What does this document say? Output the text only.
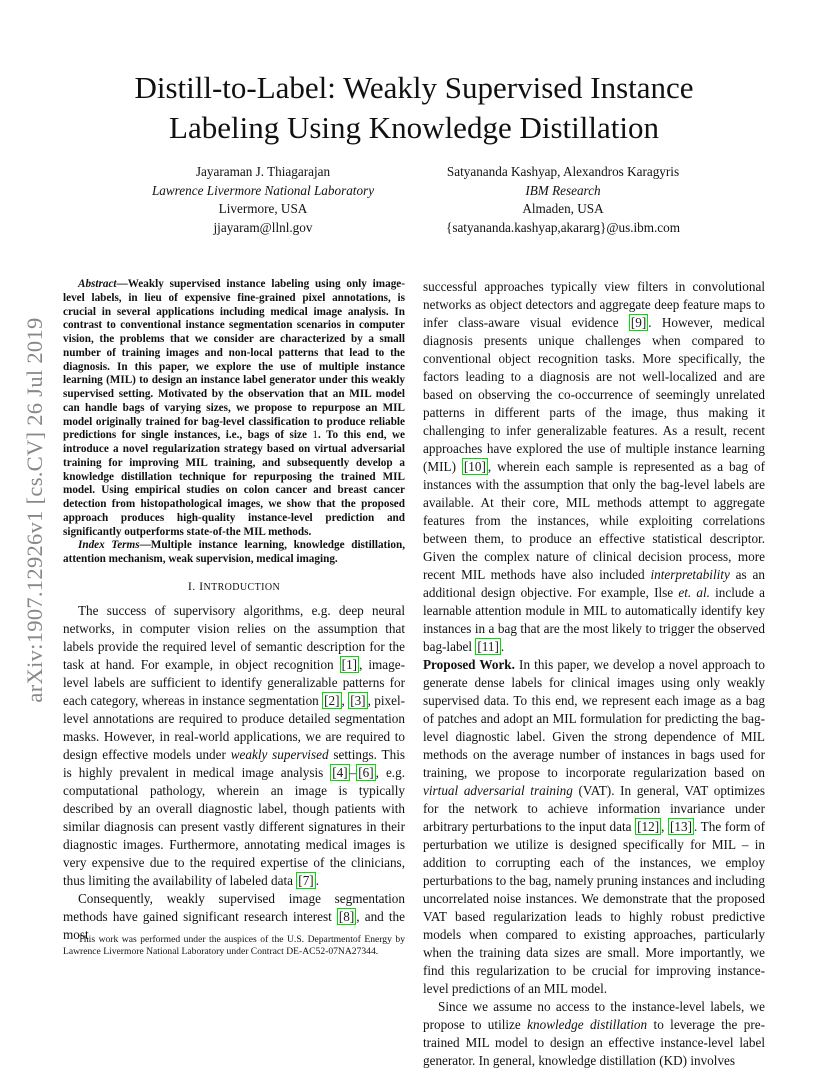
arXiv:1907.12926v1 [cs.CV] 26 Jul 2019
Distill-to-Label: Weakly Supervised Instance
Labeling Using Knowledge Distillation
Jayaraman J. Thiagarajan
Lawrence Livermore National Laboratory
Livermore, USA
jjayaram@llnl.gov
Satyananda Kashyap, Alexandros Karagyris
IBM Research
Almaden, USA
{satyananda.kashyap,akararg}@us.ibm.com

Abstract—Weakly supervised instance labeling using only image-level labels, in lieu of expensive fine-grained pixel annotations, is crucial in several applications including medical image analysis. In contrast to conventional instance segmentation scenarios in computer vision, the problems that we consider are characterized by a small number of training images and non-local patterns that lead to the diagnosis. In this paper, we explore the use of multiple instance learning (MIL) to design an instance label generator under this weakly supervised setting. Motivated by the observation that an MIL model can handle bags of varying sizes, we propose to repurpose an MIL model originally trained for bag-level classification to produce reliable predictions for single instances, i.e., bags of size 1. To this end, we introduce a novel regularization strategy based on virtual adversarial training for improving MIL training, and subsequently develop a knowledge distillation technique for repurposing the trained MIL model. Using empirical studies on colon cancer and breast cancer detection from histopathological images, we show that the proposed approach produces high-quality instance-level prediction and significantly outperforms state-of-the MIL methods.

Index Terms—Multiple instance learning, knowledge distillation, attention mechanism, weak supervision, medical imaging.

I. INTRODUCTION

The success of supervisory algorithms, e.g. deep neural networks, in computer vision relies on the assumption that labels provide the required level of semantic description for the task at hand. For example, in object recognition [1] , image-level labels are sufficient to identify generalizable patterns for each category, whereas in instance segmentation [2] , [3] , pixel-level annotations are required to produce detailed segmentation masks. However, in real-world applications, we are required to design effective models under weakly supervised settings. This is highly prevalent in medical image analysis [4] – [6] , e.g. computational pathology, wherein an image is typically described by an overall diagnostic label, though patients with similar diagnosis can present vastly different signatures in their diagnostic images. Furthermore, annotating medical images is very expensive due to the required expertise of the clinicians, thus limiting the availability of labeled data [7] .

Consequently, weakly supervised image segmentation methods have gained significant research interest [8] , and the most

This work was performed under the auspices of the U.S. Departmentof Energy by Lawrence Livermore National Laboratory under Contract DE-AC52-07NA27344.

successful approaches typically view filters in convolutional networks as object detectors and aggregate deep feature maps to infer class-aware visual evidence [9] . However, medical diagnosis presents unique challenges when compared to conventional object recognition tasks. More specifically, the factors leading to a diagnosis are not well-localized and are based on observing the co-occurrence of seemingly unrelated patterns in different parts of the image, thus making it challenging to infer generalizable features. As a result, recent approaches have explored the use of multiple instance learning (MIL) [10] , wherein each sample is represented as a bag of instances with the assumption that only the bag-level labels are available. At their core, MIL methods attempt to aggregate features from the instances, while exploiting correlations between them, to produce an effective statistical descriptor. Given the complex nature of clinical decision process, more recent MIL methods have also included interpretability as an additional design objective. For example, Ilse et. al. include a learnable attention module in MIL to automatically identify key instances in a bag that are the most likely to trigger the observed bag-label [11] .

Proposed Work. In this paper, we develop a novel approach to generate dense labels for clinical images using only weakly supervised data. To this end, we represent each image as a bag of patches and adopt an MIL formulation for predicting the bag-level diagnostic label. Given the strong dependence of MIL methods on the average number of instances in bags used for training, we propose to incorporate regularization based on virtual adversarial training (VAT). In general, VAT optimizes for the network to achieve information invariance under arbitrary perturbations to the input data [12] , [13] . The form of perturbation we utilize is designed specifically for MIL – in addition to corrupting each of the instances, we employ perturbations to the bag, namely pruning instances and including uncorrelated noise instances. We demonstrate that the proposed VAT based regularization leads to highly robust predictive models when compared to existing approaches, particularly when the training data sizes are small. More importantly, we find this regularization to be crucial for improving instance-level predictions of an MIL model.

Since we assume no access to the instance-level labels, we propose to utilize knowledge distillation to leverage the pre-trained MIL model to design an effective instance-level label generator. In general, knowledge distillation (KD) involves
